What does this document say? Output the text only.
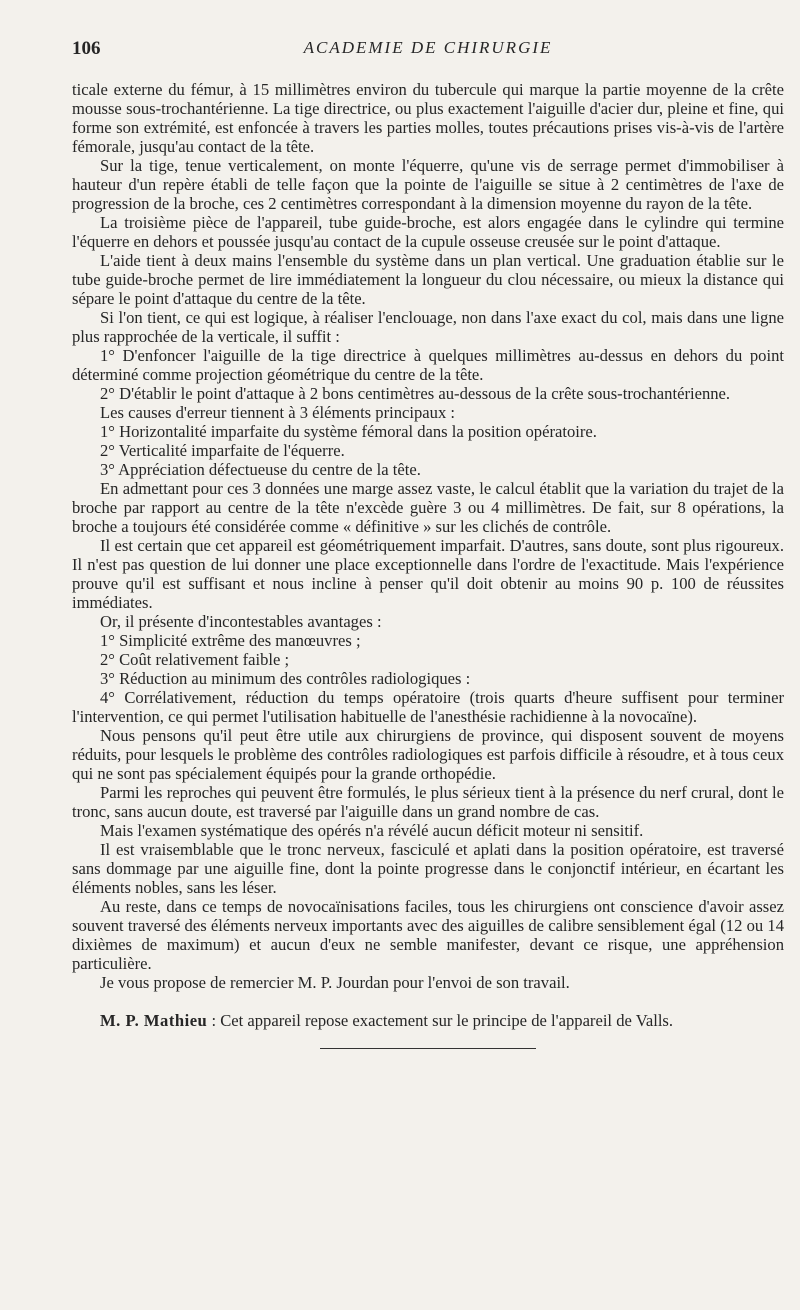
106	ACADEMIE DE CHIRURGIE

ticale externe du fémur, à 15 millimètres environ du tubercule qui marque la partie moyenne de la crête mousse sous-trochantérienne. La tige directrice, ou plus exactement l'aiguille d'acier dur, pleine et fine, qui forme son extrémité, est enfoncée à travers les parties molles, toutes précautions prises vis-à-vis de l'artère fémorale, jusqu'au contact de la tête.

Sur la tige, tenue verticalement, on monte l'équerre, qu'une vis de serrage permet d'immobiliser à hauteur d'un repère établi de telle façon que la pointe de l'aiguille se situe à 2 centimètres de l'axe de progression de la broche, ces 2 centimètres correspondant à la dimension moyenne du rayon de la tête.

La troisième pièce de l'appareil, tube guide-broche, est alors engagée dans le cylindre qui termine l'équerre en dehors et poussée jusqu'au contact de la cupule osseuse creusée sur le point d'attaque.

L'aide tient à deux mains l'ensemble du système dans un plan vertical. Une graduation établie sur le tube guide-broche permet de lire immédiatement la longueur du clou nécessaire, ou mieux la distance qui sépare le point d'attaque du centre de la tête.

Si l'on tient, ce qui est logique, à réaliser l'enclouage, non dans l'axe exact du col, mais dans une ligne plus rapprochée de la verticale, il suffit :

1° D'enfoncer l'aiguille de la tige directrice à quelques millimètres au-dessus en dehors du point déterminé comme projection géométrique du centre de la tête.

2° D'établir le point d'attaque à 2 bons centimètres au-dessous de la crête sous-trochantérienne.

Les causes d'erreur tiennent à 3 éléments principaux :

1° Horizontalité imparfaite du système fémoral dans la position opératoire.

2° Verticalité imparfaite de l'équerre.

3° Appréciation défectueuse du centre de la tête.

En admettant pour ces 3 données une marge assez vaste, le calcul établit que la variation du trajet de la broche par rapport au centre de la tête n'excède guère 3 ou 4 millimètres. De fait, sur 8 opérations, la broche a toujours été considérée comme « définitive » sur les clichés de contrôle.

Il est certain que cet appareil est géométriquement imparfait. D'autres, sans doute, sont plus rigoureux. Il n'est pas question de lui donner une place exceptionnelle dans l'ordre de l'exactitude. Mais l'expérience prouve qu'il est suffisant et nous incline à penser qu'il doit obtenir au moins 90 p. 100 de réussites immédiates.

Or, il présente d'incontestables avantages :

1° Simplicité extrême des manœuvres ;

2° Coût relativement faible ;

3° Réduction au minimum des contrôles radiologiques :

4° Corrélativement, réduction du temps opératoire (trois quarts d'heure suffisent pour terminer l'intervention, ce qui permet l'utilisation habituelle de l'anesthésie rachidienne à la novocaïne).

Nous pensons qu'il peut être utile aux chirurgiens de province, qui disposent souvent de moyens réduits, pour lesquels le problème des contrôles radiologiques est parfois difficile à résoudre, et à tous ceux qui ne sont pas spécialement équipés pour la grande orthopédie.

Parmi les reproches qui peuvent être formulés, le plus sérieux tient à la présence du nerf crural, dont le tronc, sans aucun doute, est traversé par l'aiguille dans un grand nombre de cas.

Mais l'examen systématique des opérés n'a révélé aucun déficit moteur ni sensitif.

Il est vraisemblable que le tronc nerveux, fasciculé et aplati dans la position opératoire, est traversé sans dommage par une aiguille fine, dont la pointe progresse dans le conjonctif intérieur, en écartant les éléments nobles, sans les léser.

Au reste, dans ce temps de novocaïnisations faciles, tous les chirurgiens ont conscience d'avoir assez souvent traversé des éléments nerveux importants avec des aiguilles de calibre sensiblement égal (12 ou 14 dixièmes de maximum) et aucun d'eux ne semble manifester, devant ce risque, une appréhension particulière.

Je vous propose de remercier M. P. Jourdan pour l'envoi de son travail.

M. P. Mathieu : Cet appareil repose exactement sur le principe de l'appareil de Valls.
